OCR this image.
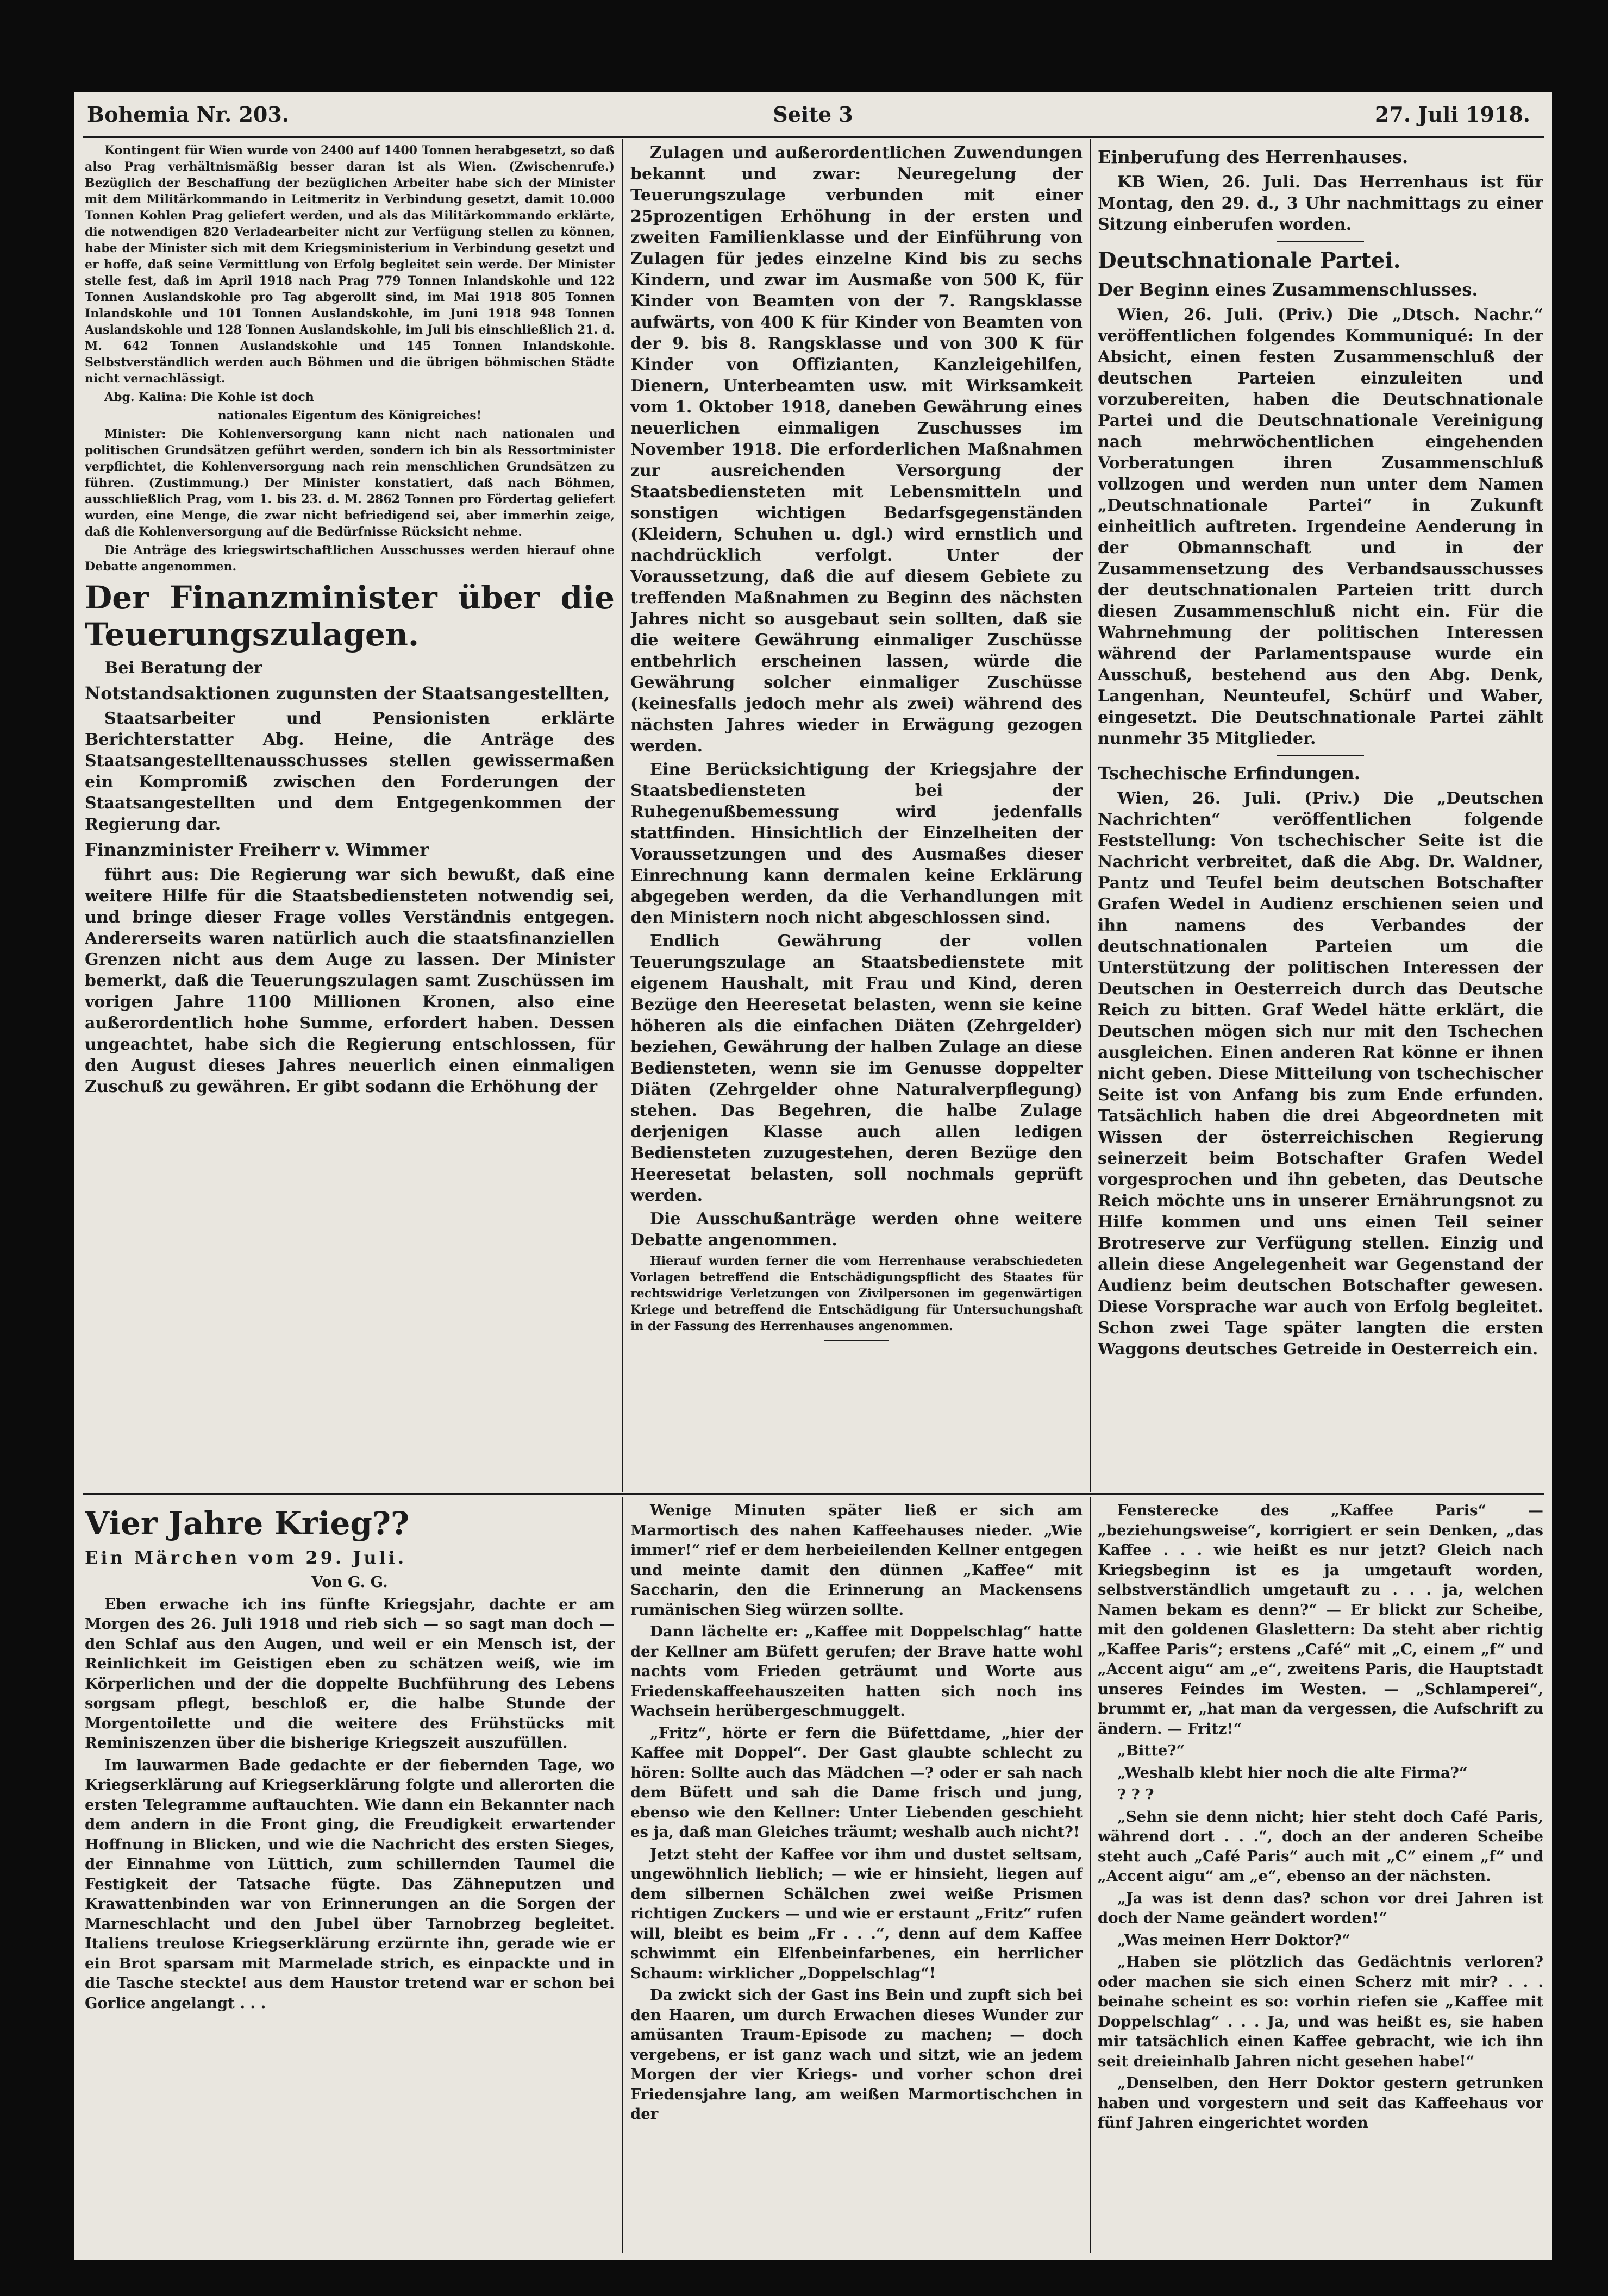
Bohemia Nr. 203.	Seite 3	27. Juli 1918.

Kontingent für Wien wurde von 2400 auf 1400 Tonnen herabgesetzt, so daß also Prag verhältnismäßig besser daran ist als Wien. (Zwischenrufe.) Bezüglich der Beschaffung der bezüglichen Arbeiter habe sich der Minister mit dem Militärkommando in Leitmeritz in Verbindung gesetzt, damit 10.000 Tonnen Kohlen Prag geliefert werden, und als das Militärkommando erklärte, die notwendigen 820 Verladearbeiter nicht zur Verfügung stellen zu können, habe der Minister sich mit dem Kriegsministerium in Verbindung gesetzt und er hoffe, daß seine Vermittlung von Erfolg begleitet sein werde. Der Minister stelle fest, daß im April 1918 nach Prag 779 Tonnen Inlandskohle und 122 Tonnen Auslandskohle pro Tag abgerollt sind, im Mai 1918 805 Tonnen Inlandskohle und 101 Tonnen Auslandskohle, im Juni 1918 948 Tonnen Auslandskohle und 128 Tonnen Auslandskohle, im Juli bis einschließlich 21. d. M. 642 Tonnen Auslandskohle und 145 Tonnen Inlandskohle. Selbstverständlich werden auch Böhmen und die übrigen böhmischen Städte nicht vernachlässigt.

Abg. Kalina: Die Kohle ist doch

nationales Eigentum des Königreiches!

Minister: Die Kohlenversorgung kann nicht nach nationalen und politischen Grundsätzen geführt werden, sondern ich bin als Ressortminister verpflichtet, die Kohlenversorgung nach rein menschlichen Grundsätzen zu führen. (Zustimmung.) Der Minister konstatiert, daß nach Böhmen, ausschließlich Prag, vom 1. bis 23. d. M. 2862 Tonnen pro Fördertag geliefert wurden, eine Menge, die zwar nicht befriedigend sei, aber immerhin zeige, daß die Kohlenversorgung auf die Bedürfnisse Rücksicht nehme.

Die Anträge des kriegswirtschaftlichen Ausschusses werden hierauf ohne Debatte angenommen.

Der Finanzminister über die Teuerungszulagen.

Bei Beratung der

Notstandsaktionen zugunsten der Staatsangestellten,

Staatsarbeiter und Pensionisten erklärte Berichterstatter Abg. Heine, die Anträge des Staatsangestelltenausschusses stellen gewissermaßen ein Kompromiß zwischen den Forderungen der Staatsangestellten und dem Entgegenkommen der Regierung dar.

Finanzminister Freiherr v. Wimmer

führt aus: Die Regierung war sich bewußt, daß eine weitere Hilfe für die Staatsbediensteten notwendig sei, und bringe dieser Frage volles Verständnis entgegen. Andererseits waren natürlich auch die staatsfinanziellen Grenzen nicht aus dem Auge zu lassen. Der Minister bemerkt, daß die Teuerungszulagen samt Zuschüssen im vorigen Jahre 1100 Millionen Kronen, also eine außerordentlich hohe Summe, erfordert haben. Dessen ungeachtet, habe sich die Regierung entschlossen, für den August dieses Jahres neuerlich einen einmaligen Zuschuß zu gewähren. Er gibt sodann die Erhöhung der

Zulagen und außerordentlichen Zuwendungen bekannt und zwar: Neuregelung der Teuerungszulage verbunden mit einer 25prozentigen Erhöhung in der ersten und zweiten Familienklasse und der Einführung von Zulagen für jedes einzelne Kind bis zu sechs Kindern, und zwar im Ausmaße von 500 K, für Kinder von Beamten von der 7. Rangsklasse aufwärts, von 400 K für Kinder von Beamten von der 9. bis 8. Rangsklasse und von 300 K für Kinder von Offizianten, Kanzleigehilfen, Dienern, Unterbeamten usw. mit Wirksamkeit vom 1. Oktober 1918, daneben Gewährung eines neuerlichen einmaligen Zuschusses im November 1918. Die erforderlichen Maßnahmen zur ausreichenden Versorgung der Staatsbediensteten mit Lebensmitteln und sonstigen wichtigen Bedarfsgegenständen (Kleidern, Schuhen u. dgl.) wird ernstlich und nachdrücklich verfolgt. Unter der Voraussetzung, daß die auf diesem Gebiete zu treffenden Maßnahmen zu Beginn des nächsten Jahres nicht so ausgebaut sein sollten, daß sie die weitere Gewährung einmaliger Zuschüsse entbehrlich erscheinen lassen, würde die Gewährung solcher einmaliger Zuschüsse (keinesfalls jedoch mehr als zwei) während des nächsten Jahres wieder in Erwägung gezogen werden.

Eine Berücksichtigung der Kriegsjahre der Staatsbediensteten bei der Ruhegenußbemessung wird jedenfalls stattfinden. Hinsichtlich der Einzelheiten der Voraussetzungen und des Ausmaßes dieser Einrechnung kann dermalen keine Erklärung abgegeben werden, da die Verhandlungen mit den Ministern noch nicht abgeschlossen sind.

Endlich Gewährung der vollen Teuerungszulage an Staatsbedienstete mit eigenem Haushalt, mit Frau und Kind, deren Bezüge den Heeresetat belasten, wenn sie keine höheren als die einfachen Diäten (Zehrgelder) beziehen, Gewährung der halben Zulage an diese Bediensteten, wenn sie im Genusse doppelter Diäten (Zehrgelder ohne Naturalverpflegung) stehen. Das Begehren, die halbe Zulage derjenigen Klasse auch allen ledigen Bediensteten zuzugestehen, deren Bezüge den Heeresetat belasten, soll nochmals geprüft werden.

Die Ausschußanträge werden ohne weitere Debatte angenommen.

Hierauf wurden ferner die vom Herrenhause verabschiedeten Vorlagen betreffend die Entschädigungspflicht des Staates für rechtswidrige Verletzungen von Zivilpersonen im gegenwärtigen Kriege und betreffend die Entschädigung für Untersuchungshaft in der Fassung des Herrenhauses angenommen.

Einberufung des Herrenhauses.

KB Wien, 26. Juli. Das Herrenhaus ist für Montag, den 29. d., 3 Uhr nachmittags zu einer Sitzung einberufen worden.

Deutschnationale Partei.

Der Beginn eines Zusammenschlusses.

Wien, 26. Juli. (Priv.) Die „Dtsch. Nachr.“ veröffentlichen folgendes Kommuniqué: In der Absicht, einen festen Zusammenschluß der deutschen Parteien einzuleiten und vorzubereiten, haben die Deutschnationale Partei und die Deutschnationale Vereinigung nach mehrwöchentlichen eingehenden Vorberatungen ihren Zusammenschluß vollzogen und werden nun unter dem Namen „Deutschnationale Partei“ in Zukunft einheitlich auftreten. Irgendeine Aenderung in der Obmannschaft und in der Zusammensetzung des Verbandsausschusses der deutschnationalen Parteien tritt durch diesen Zusammenschluß nicht ein. Für die Wahrnehmung der politischen Interessen während der Parlamentspause wurde ein Ausschuß, bestehend aus den Abg. Denk, Langenhan, Neunteufel, Schürf und Waber, eingesetzt. Die Deutschnationale Partei zählt nunmehr 35 Mitglieder.

Tschechische Erfindungen.

Wien, 26. Juli. (Priv.) Die „Deutschen Nachrichten“ veröffentlichen folgende Feststellung: Von tschechischer Seite ist die Nachricht verbreitet, daß die Abg. Dr. Waldner, Pantz und Teufel beim deutschen Botschafter Grafen Wedel in Audienz erschienen seien und ihn namens des Verbandes der deutschnationalen Parteien um die Unterstützung der politischen Interessen der Deutschen in Oesterreich durch das Deutsche Reich zu bitten. Graf Wedel hätte erklärt, die Deutschen mögen sich nur mit den Tschechen ausgleichen. Einen anderen Rat könne er ihnen nicht geben. Diese Mitteilung von tschechischer Seite ist von Anfang bis zum Ende erfunden. Tatsächlich haben die drei Abgeordneten mit Wissen der österreichischen Regierung seinerzeit beim Botschafter Grafen Wedel vorgesprochen und ihn gebeten, das Deutsche Reich möchte uns in unserer Ernährungsnot zu Hilfe kommen und uns einen Teil seiner Brotreserve zur Verfügung stellen. Einzig und allein diese Angelegenheit war Gegenstand der Audienz beim deutschen Botschafter gewesen. Diese Vorsprache war auch von Erfolg begleitet. Schon zwei Tage später langten die ersten Waggons deutsches Getreide in Oesterreich ein.

Vier Jahre Krieg??

Ein Märchen vom 29. Juli.

Von G. G.

Eben erwache ich ins fünfte Kriegsjahr, dachte er am Morgen des 26. Juli 1918 und rieb sich — so sagt man doch — den Schlaf aus den Augen, und weil er ein Mensch ist, der Reinlichkeit im Geistigen eben zu schätzen weiß, wie im Körperlichen und der die doppelte Buchführung des Lebens sorgsam pflegt, beschloß er, die halbe Stunde der Morgentoilette und die weitere des Frühstücks mit Reminiszenzen über die bisherige Kriegszeit auszufüllen.

Im lauwarmen Bade gedachte er der fiebernden Tage, wo Kriegserklärung auf Kriegserklärung folgte und allerorten die ersten Telegramme auftauchten. Wie dann ein Bekannter nach dem andern in die Front ging, die Freudigkeit erwartender Hoffnung in Blicken, und wie die Nachricht des ersten Sieges, der Einnahme von Lüttich, zum schillernden Taumel die Festigkeit der Tatsache fügte. Das Zähneputzen und Krawattenbinden war von Erinnerungen an die Sorgen der Marneschlacht und den Jubel über Tarnobrzeg begleitet. Italiens treulose Kriegserklärung erzürnte ihn, gerade wie er ein Brot sparsam mit Marmelade strich, es einpackte und in die Tasche steckte! aus dem Haustor tretend war er schon bei Gorlice angelangt . . .

Wenige Minuten später ließ er sich am Marmortisch des nahen Kaffeehauses nieder. „Wie immer!“ rief er dem herbeieilenden Kellner entgegen und meinte damit den dünnen „Kaffee“ mit Saccharin, den die Erinnerung an Mackensens rumänischen Sieg würzen sollte.

Dann lächelte er: „Kaffee mit Doppelschlag“ hatte der Kellner am Büfett gerufen; der Brave hatte wohl nachts vom Frieden geträumt und Worte aus Friedenskaffeehauszeiten hatten sich noch ins Wachsein herübergeschmuggelt.

„Fritz“, hörte er fern die Büfettdame, „hier der Kaffee mit Doppel“. Der Gast glaubte schlecht zu hören: Sollte auch das Mädchen —? oder er sah nach dem Büfett und sah die Dame frisch und jung, ebenso wie den Kellner: Unter Liebenden geschieht es ja, daß man Gleiches träumt; weshalb auch nicht?!

Jetzt steht der Kaffee vor ihm und dustet seltsam, ungewöhnlich lieblich; — wie er hinsieht, liegen auf dem silbernen Schälchen zwei weiße Prismen richtigen Zuckers — und wie er erstaunt „Fritz“ rufen will, bleibt es beim „Fr . . .“, denn auf dem Kaffee schwimmt ein Elfenbeinfarbenes, ein herrlicher Schaum: wirklicher „Doppelschlag“!

Da zwickt sich der Gast ins Bein und zupft sich bei den Haaren, um durch Erwachen dieses Wunder zur amüsanten Traum-Episode zu machen; — doch vergebens, er ist ganz wach und sitzt, wie an jedem Morgen der vier Kriegs- und vorher schon drei Friedensjahre lang, am weißen Marmortischchen in der

Fensterecke des „Kaffee Paris“ — „beziehungsweise“, korrigiert er sein Denken, „das Kaffee . . . wie heißt es nur jetzt? Gleich nach Kriegsbeginn ist es ja umgetauft worden, selbstverständlich umgetauft zu . . . ja, welchen Namen bekam es denn?“ — Er blickt zur Scheibe, mit den goldenen Glaslettern: Da steht aber richtig „Kaffee Paris“; erstens „Café“ mit „C, einem „f“ und „Accent aigu“ am „e“, zweitens Paris, die Hauptstadt unseres Feindes im Westen. — „Schlamperei“, brummt er, „hat man da vergessen, die Aufschrift zu ändern. — Fritz!“

„Bitte?“

„Weshalb klebt hier noch die alte Firma?“

? ? ?

„Sehn sie denn nicht; hier steht doch Café Paris, während dort . . .“, doch an der anderen Scheibe steht auch „Café Paris“ auch mit „C“ einem „f“ und „Accent aigu“ am „e“, ebenso an der nächsten.

„Ja was ist denn das? schon vor drei Jahren ist doch der Name geändert worden!“

„Was meinen Herr Doktor?“

„Haben sie plötzlich das Gedächtnis verloren? oder machen sie sich einen Scherz mit mir? . . . beinahe scheint es so: vorhin riefen sie „Kaffee mit Doppelschlag“ . . . Ja, und was heißt es, sie haben mir tatsächlich einen Kaffee gebracht, wie ich ihn seit dreieinhalb Jahren nicht gesehen habe!“

„Denselben, den Herr Doktor gestern getrunken haben und vorgestern und seit das Kaffeehaus vor fünf Jahren eingerichtet worden
